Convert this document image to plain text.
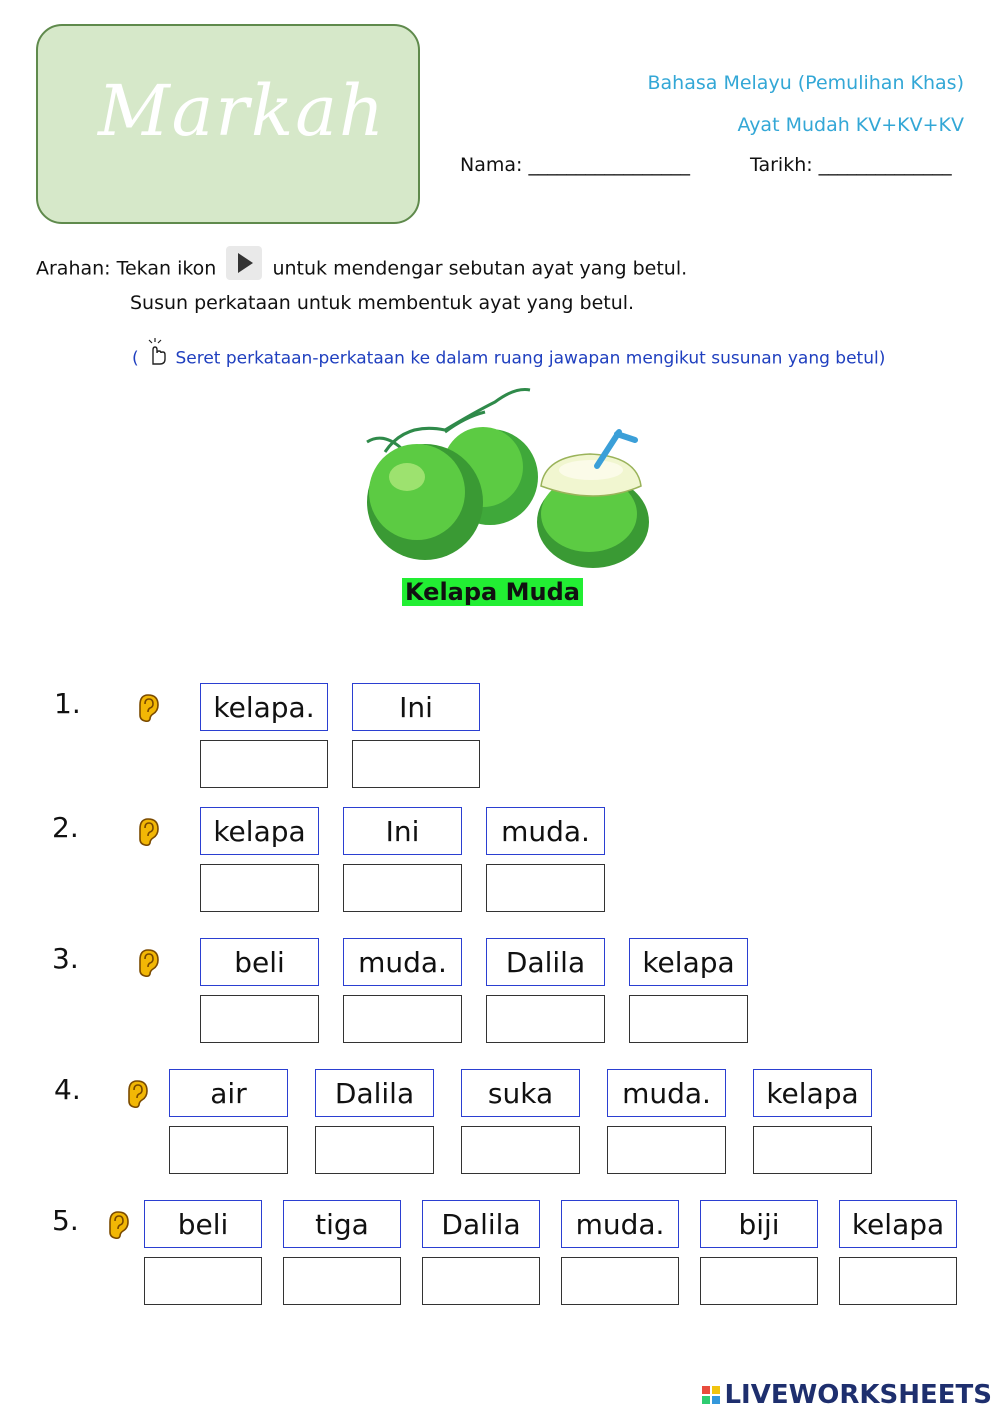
Markah	Bahasa Melayu (Pemulihan Khas)
Ayat Mudah KV+KV+KV
Nama: _________________	Tarikh: ______________
Arahan: Tekan ikon	untuk mendengar sebutan ayat yang betul.
Susun perkataan untuk membentuk ayat yang betul.
( Seret perkataan-perkataan ke dalam ruang jawapan mengikut susunan yang betul)
Kelapa Muda
1.	kelapa.	Ini
2.	kelapa	Ini	muda.
3.	beli	muda.	Dalila	kelapa
4.	air	Dalila	suka	muda.	kelapa
5.	beli	tiga	Dalila	muda.	biji	kelapa
LIVEWORKSHEETS
